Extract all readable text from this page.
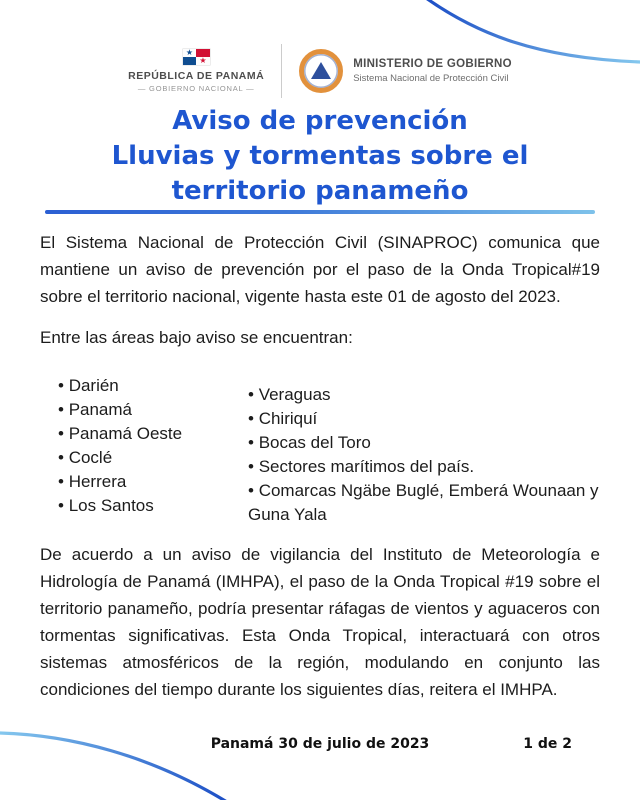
★
★
REPÚBLICA DE PANAMÁ
— GOBIERNO NACIONAL —
MINISTERIO DE GOBIERNO
Sistema Nacional de Protección Civil
Aviso de prevención
Lluvias y tormentas sobre el
territorio panameño

El Sistema Nacional de Protección Civil (SINAPROC) comunica que mantiene un aviso de prevención por el paso de la Onda Tropical#19 sobre el territorio nacional, vigente hasta este 01 de agosto del 2023.

Entre las áreas bajo aviso se encuentran:

• Darién
• Panamá
• Panamá Oeste
• Coclé
• Herrera
• Los Santos
• Veraguas
• Chiriquí
• Bocas del Toro
• Sectores marítimos del país.
• Comarcas Ngäbe Buglé, Emberá Wounaan y Guna Yala

De acuerdo a un aviso de vigilancia del Instituto de Meteorología e Hidrología de Panamá (IMHPA), el paso de la Onda Tropical #19 sobre el territorio panameño, podría presentar ráfagas de vientos y aguaceros con tormentas significativas. Esta Onda Tropical, interactuará con otros sistemas atmosféricos de la región, modulando en conjunto las condiciones del tiempo durante los siguientes días, reitera el IMHPA.

Panamá 30 de julio de 2023	1 de 2
